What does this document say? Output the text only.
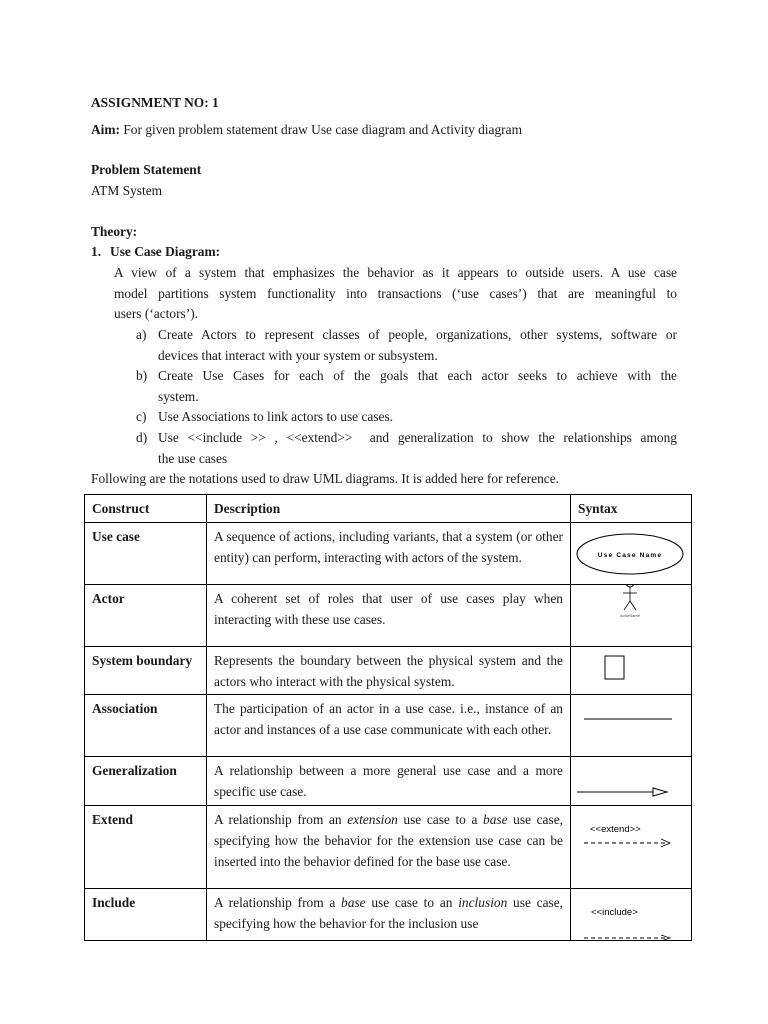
ASSIGNMENT NO: 1
Aim: For given problem statement draw Use case diagram and Activity diagram
Problem Statement
ATM System
Theory:
1. Use Case Diagram:
A view of a system that emphasizes the behavior as it appears to outside users. A use case
model partitions system functionality into transactions (‘use cases’) that are meaningful to
users (‘actors’).
a) Create Actors to represent classes of people, organizations, other systems, software or
devices that interact with your system or subsystem.
b) Create Use Cases for each of the goals that each actor seeks to achieve with the
system.
c) Use Associations to link actors to use cases.
d) Use <<include >> , <<extend>>  and generalization to show the relationships among
the use cases
Following are the notations used to draw UML diagrams. It is added here for reference.
Construct	Description	Syntax
Use case	A sequence of actions, including variants, that a system (or other entity) can perform, interacting with actors of the system.	Use Case Name

Actor	A coherent set of roles that user of use cases play when interacting with these use cases.	ActorName

System boundary	Represents the boundary between the physical system and the actors who interact with the physical system.	

Association	The participation of an actor in a use case. i.e., instance of an actor and instances of a use case communicate with each other.	

Generalization	A relationship between a more general use case and a more specific use case.	

Extend	A relationship from an extension use case to a base use case, specifying how the behavior for the extension use case can be inserted into the behavior defined for the base use case.	<<extend>>

Include	A relationship from a base use case to an inclusion use case, specifying how the behavior for the inclusion use	<<include>
